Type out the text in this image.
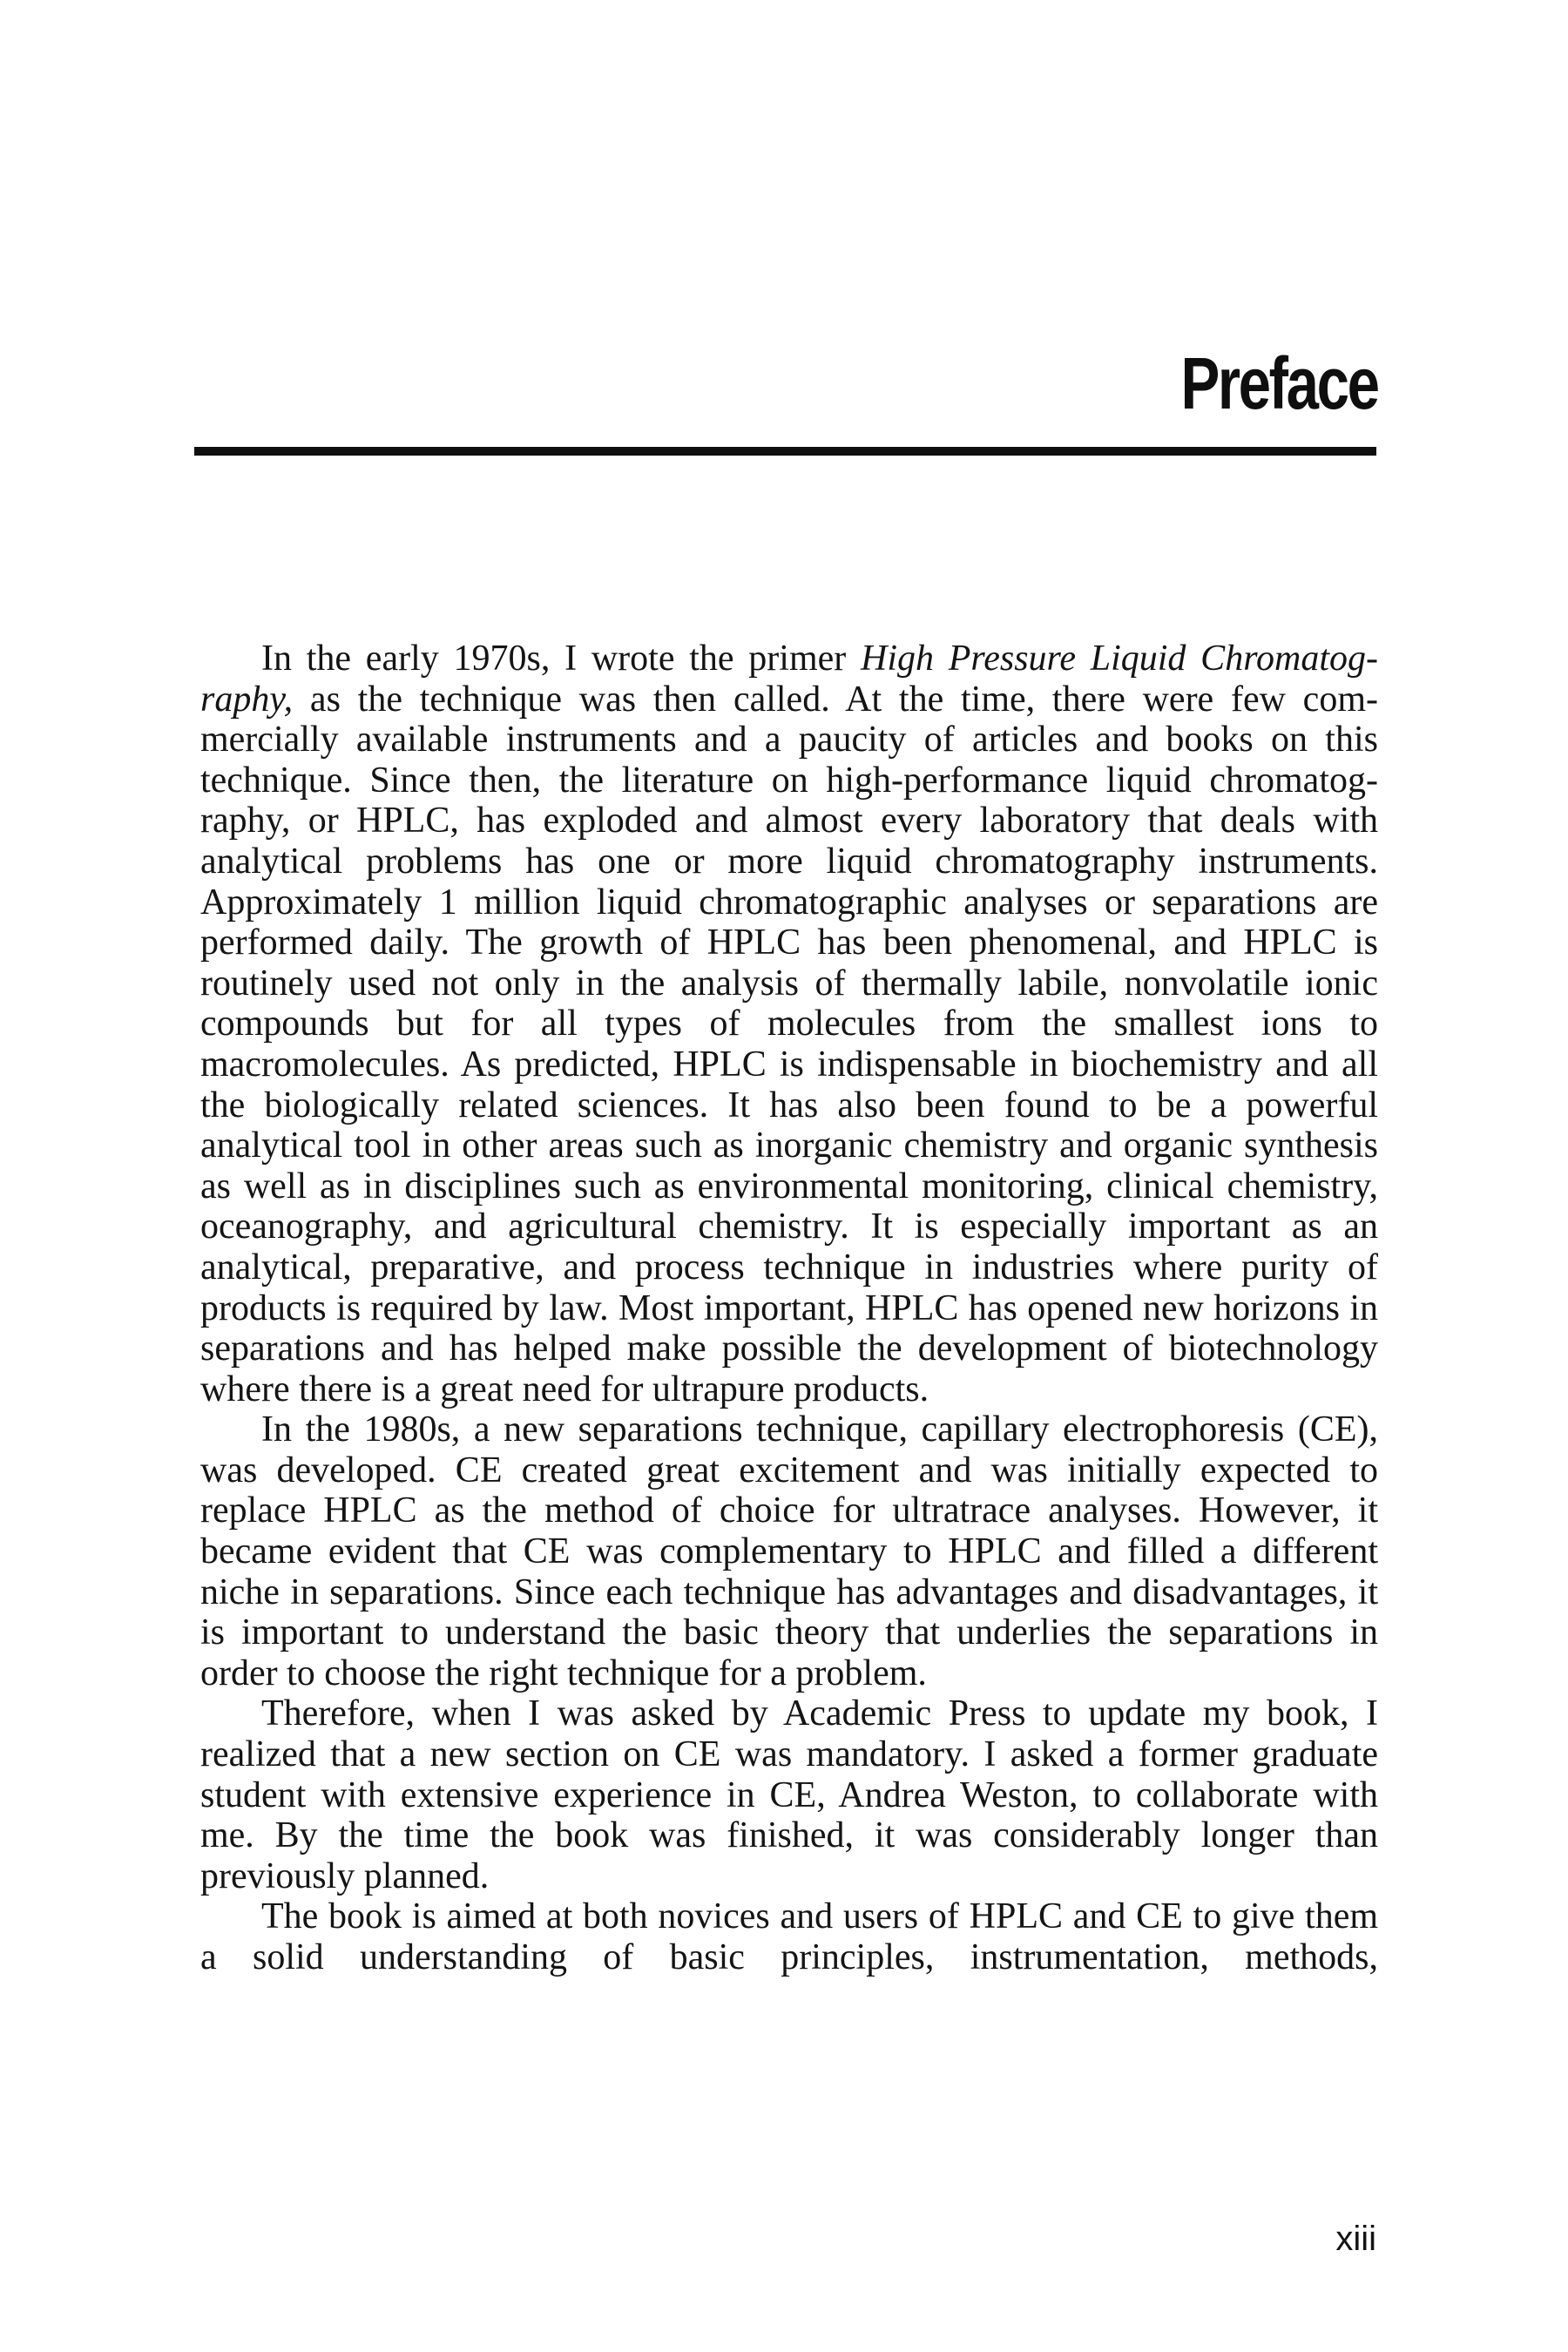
Preface

In the early 1970s, I wrote the primer High Pressure Liquid Chromatography, as the technique was then called. At the time, there were few commercially available instruments and a paucity of articles and books on this technique. Since then, the literature on high-performance liquid chromatography, or HPLC, has exploded and almost every laboratory that deals with analytical problems has one or more liquid chromatography instruments. Approximately 1 million liquid chromatographic analyses or separations are performed daily. The growth of HPLC has been phenomenal, and HPLC is routinely used not only in the analysis of thermally labile, nonvolatile ionic compounds but for all types of molecules from the smallest ions to macromolecules. As predicted, HPLC is indispensable in biochemistry and all the biologically related sciences. It has also been found to be a powerful analytical tool in other areas such as inorganic chemistry and organic synthesis as well as in disciplines such as environmental monitoring, clinical chemistry, oceanography, and agricultural chemistry. It is especially important as an analytical, preparative, and process technique in industries where purity of products is required by law. Most important, HPLC has opened new horizons in separations and has helped make possible the development of biotechnology where there is a great need for ultrapure products.

In the 1980s, a new separations technique, capillary electrophoresis (CE), was developed. CE created great excitement and was initially expected to replace HPLC as the method of choice for ultratrace analyses. However, it became evident that CE was complementary to HPLC and filled a different niche in separations. Since each technique has advantages and disadvantages, it is important to understand the basic theory that underlies the separations in order to choose the right technique for a problem.

Therefore, when I was asked by Academic Press to update my book, I realized that a new section on CE was mandatory. I asked a former graduate student with extensive experience in CE, Andrea Weston, to collaborate with me. By the time the book was finished, it was considerably longer than previously planned.

The book is aimed at both novices and users of HPLC and CE to give them a solid understanding of basic principles, instrumentation, methods,

xiii
